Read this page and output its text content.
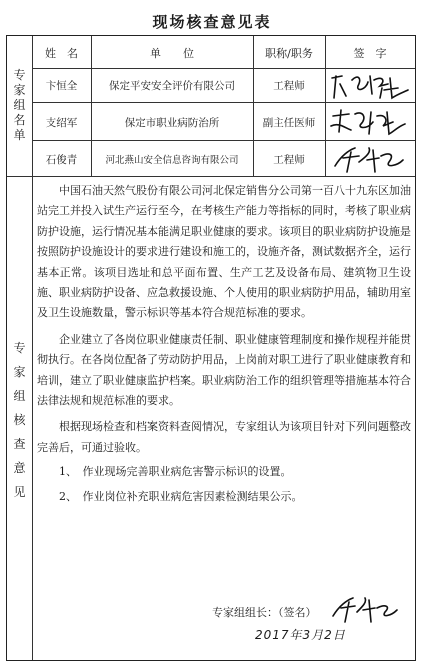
现场核查意见表
专
家
组
名
单
专
家
组
核
查
意
见
姓　名	单　　位	职称/职务	签　字
卞恒全	保定平安安全评价有限公司	工程师
支绍军	保定市职业病防治所	副主任医师
石俊青	河北燕山安全信息咨询有限公司	工程师

中国石油天然气股份有限公司河北保定销售分公司第一百八十九东区加油站完工并投入试生产运行至今，在考核生产能力等指标的同时，考核了职业病防护设施，运行情况基本能满足职业健康的要求。该项目的职业病防护设施是按照防护设施设计的要求进行建设和施工的，设施齐备，测试数据齐全，运行基本正常。该项目选址和总平面布置、生产工艺及设备布局、建筑物卫生设施、职业病防护设备、应急救援设施、个人使用的职业病防护用品，辅助用室及卫生设施数量，警示标识等基本符合规范标准的要求。

企业建立了各岗位职业健康责任制、职业健康管理制度和操作规程并能贯彻执行。在各岗位配备了劳动防护用品，上岗前对职工进行了职业健康教育和培训，建立了职业健康监护档案。职业病防治工作的组织管理等措施基本符合法律法规和规范标准的要求。

根据现场检查和档案资料查阅情况，专家组认为该项目针对下列问题整改完善后，可通过验收。

1、　作业现场完善职业病危害警示标识的设置。

2、　作业岗位补充职业病危害因素检测结果公示。

专家组组长：（签名）
2017年3月2日
